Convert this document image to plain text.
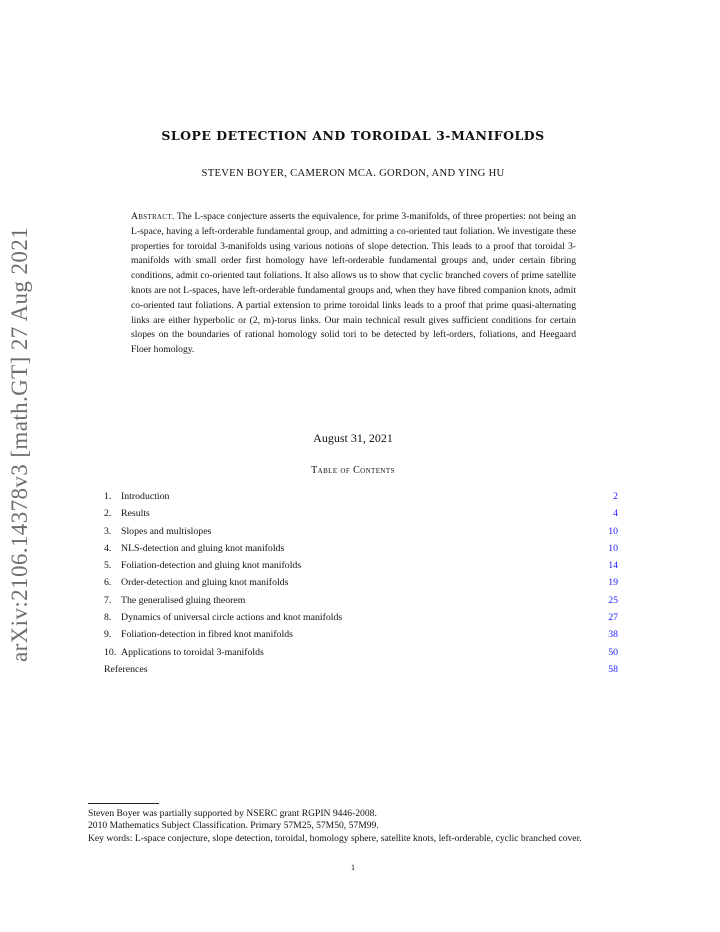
arXiv:2106.14378v3 [math.GT] 27 Aug 2021
SLOPE DETECTION AND TOROIDAL 3-MANIFOLDS
STEVEN BOYER, CAMERON MCA. GORDON, AND YING HU

Abstract. The L-space conjecture asserts the equivalence, for prime 3-manifolds, of three properties: not being an L-space, having a left-orderable fundamental group, and admitting a co-oriented taut foliation. We investigate these properties for toroidal 3-manifolds using various notions of slope detection. This leads to a proof that toroidal 3-manifolds with small order first homology have left-orderable fundamental groups and, under certain fibring conditions, admit co-oriented taut foliations. It also allows us to show that cyclic branched covers of prime satellite knots are not L-spaces, have left-orderable fundamental groups and, when they have fibred companion knots, admit co-oriented taut foliations. A partial extension to prime toroidal links leads to a proof that prime quasi-alternating links are either hyperbolic or (2, m)-torus links. Our main technical result gives sufficient conditions for certain slopes on the boundaries of rational homology solid tori to be detected by left-orders, foliations, and Heegaard Floer homology.

August 31, 2021
Table of Contents
1. Introduction	2
2. Results	4
3. Slopes and multislopes	10
4. NLS-detection and gluing knot manifolds	10
5. Foliation-detection and gluing knot manifolds	14
6. Order-detection and gluing knot manifolds	19
7. The generalised gluing theorem	25
8. Dynamics of universal circle actions and knot manifolds	27
9. Foliation-detection in fibred knot manifolds	38
10. Applications to toroidal 3-manifolds	50
References	58

Steven Boyer was partially supported by NSERC grant RGPIN 9446-2008.

2010 Mathematics Subject Classification. Primary 57M25, 57M50, 57M99.

Key words: L-space conjecture, slope detection, toroidal, homology sphere, satellite knots, left-orderable, cyclic branched cover.

1
